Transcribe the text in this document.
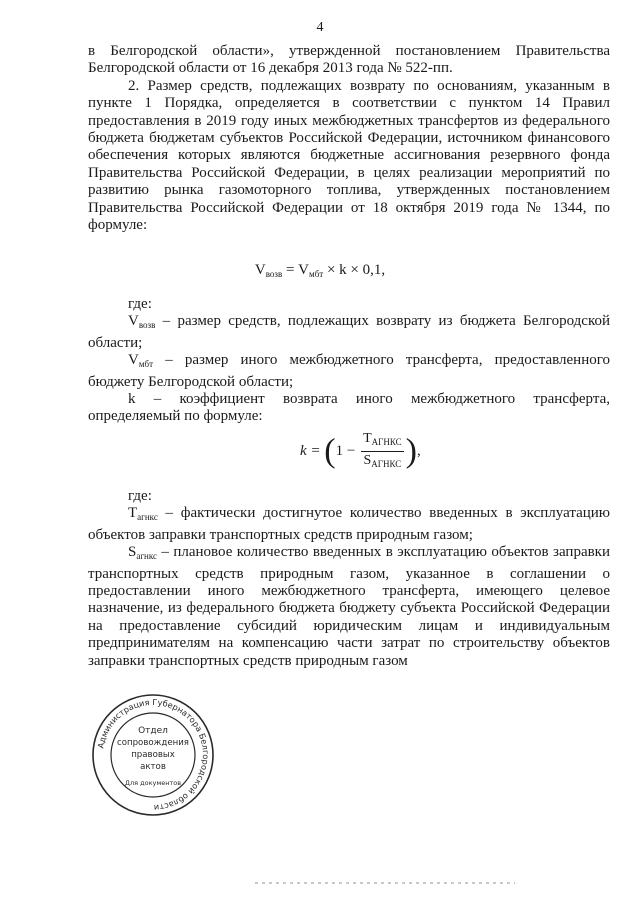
4

в Белгородской области», утвержденной постановлением Правительства Белгородской области от 16 декабря 2013 года № 522-пп.

2. Размер средств, подлежащих возврату по основаниям, указанным в пункте 1 Порядка, определяется в соответствии с пунктом 14 Правил предоставления в 2019 году иных межбюджетных трансфертов из федерального бюджета бюджетам субъектов Российской Федерации, источником финансового обеспечения которых являются бюджетные ассигнования резервного фонда Правительства Российской Федерации, в целях реализации мероприятий по развитию рынка газомоторного топлива, утвержденных постановлением Правительства Российской Федерации от 18 октября 2019 года № 1344, по формуле:

$V_{возв} = V_{мбт} \times k \times 0,1$,

где:

$V_{возв}$ – размер средств, подлежащих возврату из бюджета Белгородской области;

$V_{мбт}$ – размер иного межбюджетного трансферта, предоставленного бюджету Белгородской области;

k – коэффициент возврата иного межбюджетного трансферта, определяемый по формуле:

$k = (1 - \frac{T_{АГНКС}}{S_{АГНКС}}$ ),

где:

$T_{агнкс}$ – фактически достигнутое количество введенных в эксплуатацию объектов заправки транспортных средств природным газом;

$S_{агнкс}$ – плановое количество введенных в эксплуатацию объектов заправки транспортных средств природным газом, указанное в соглашении о предоставлении иного межбюджетного трансферта, имеющего целевое назначение, из федерального бюджета бюджету субъекта Российской Федерации на предоставление субсидий юридическим лицам и индивидуальным предпринимателям на компенсацию части затрат по строительству объектов заправки транспортных средств природным газом

Администрация Губернатора Белгородской области
Отдел
сопровождения
правовых
актов
Для документов
